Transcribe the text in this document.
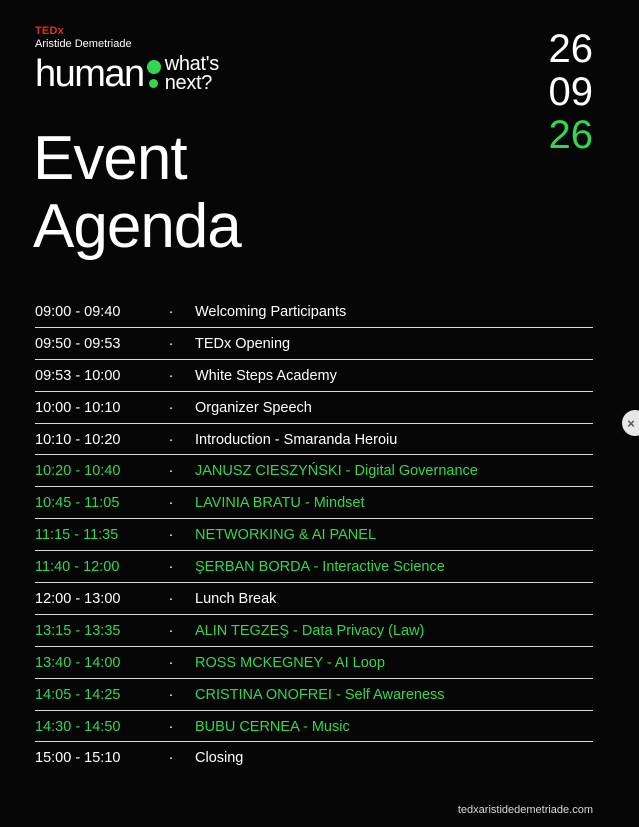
TEDx
Aristide Demetriade
human what's
next?
26
09
26
Event
Agenda
09:00 - 09:40	·	Welcoming Participants
09:50 - 09:53	·	TEDx Opening
09:53 - 10:00	·	White Steps Academy
10:00 - 10:10	·	Organizer Speech
10:10 - 10:20	·	Introduction - Smaranda Heroiu
10:20 - 10:40	·	JANUSZ CIESZYŃSKI - Digital Governance
10:45 - 11:05	·	LAVINIA BRATU - Mindset
11:15 - 11:35	·	NETWORKING & AI PANEL
11:40 - 12:00	·	ŞERBAN BORDA - Interactive Science
12:00 - 13:00	·	Lunch Break
13:15 - 13:35	·	ALIN TEGZEŞ - Data Privacy (Law)
13:40 - 14:00	·	ROSS MCKEGNEY - AI Loop
14:05 - 14:25	·	CRISTINA ONOFREI - Self Awareness
14:30 - 14:50	·	BUBU CERNEA - Music
15:00 - 15:10	·	Closing
tedxaristidedemetriade.com
×
